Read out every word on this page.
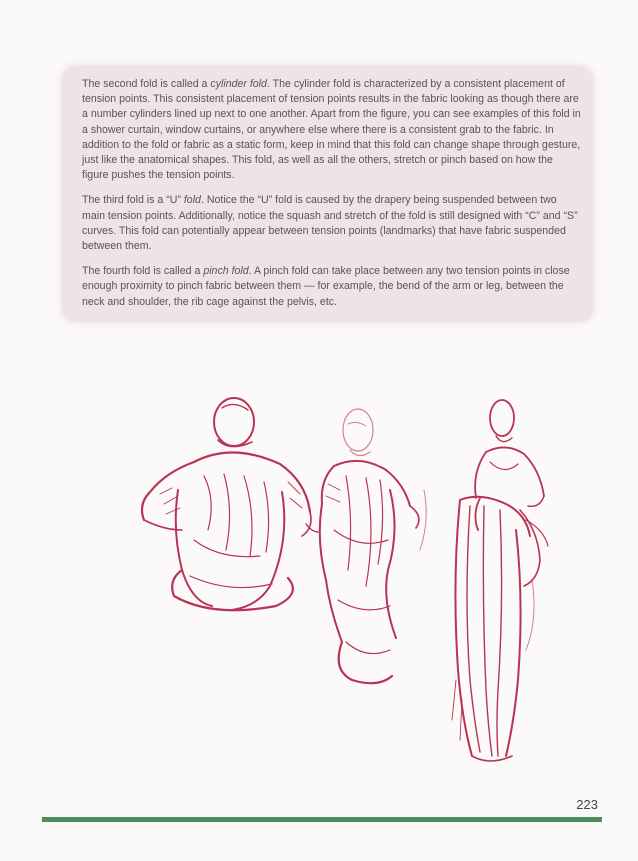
The second fold is called a cylinder fold. The cylinder fold is characterized by a consistent placement of tension points. This consistent placement of tension points results in the fabric looking as though there are a number cylinders lined up next to one another. Apart from the figure, you can see examples of this fold in a shower curtain, window curtains, or anywhere else where there is a consistent grab to the fabric. In addition to the fold or fabric as a static form, keep in mind that this fold can change shape through gesture, just like the anatomical shapes. This fold, as well as all the others, stretch or pinch based on how the figure pushes the tension points.

The third fold is a “U” fold. Notice the “U” fold is caused by the drapery being suspended between two main tension points. Additionally, notice the squash and stretch of the fold is still designed with “C” and “S” curves. This fold can potentially appear between tension points (landmarks) that have fabric suspended between them.

The fourth fold is called a pinch fold. A pinch fold can take place between any two tension points in close enough proximity to pinch fabric between them — for example, the bend of the arm or leg, between the neck and shoulder, the rib cage against the pelvis, etc.

223
